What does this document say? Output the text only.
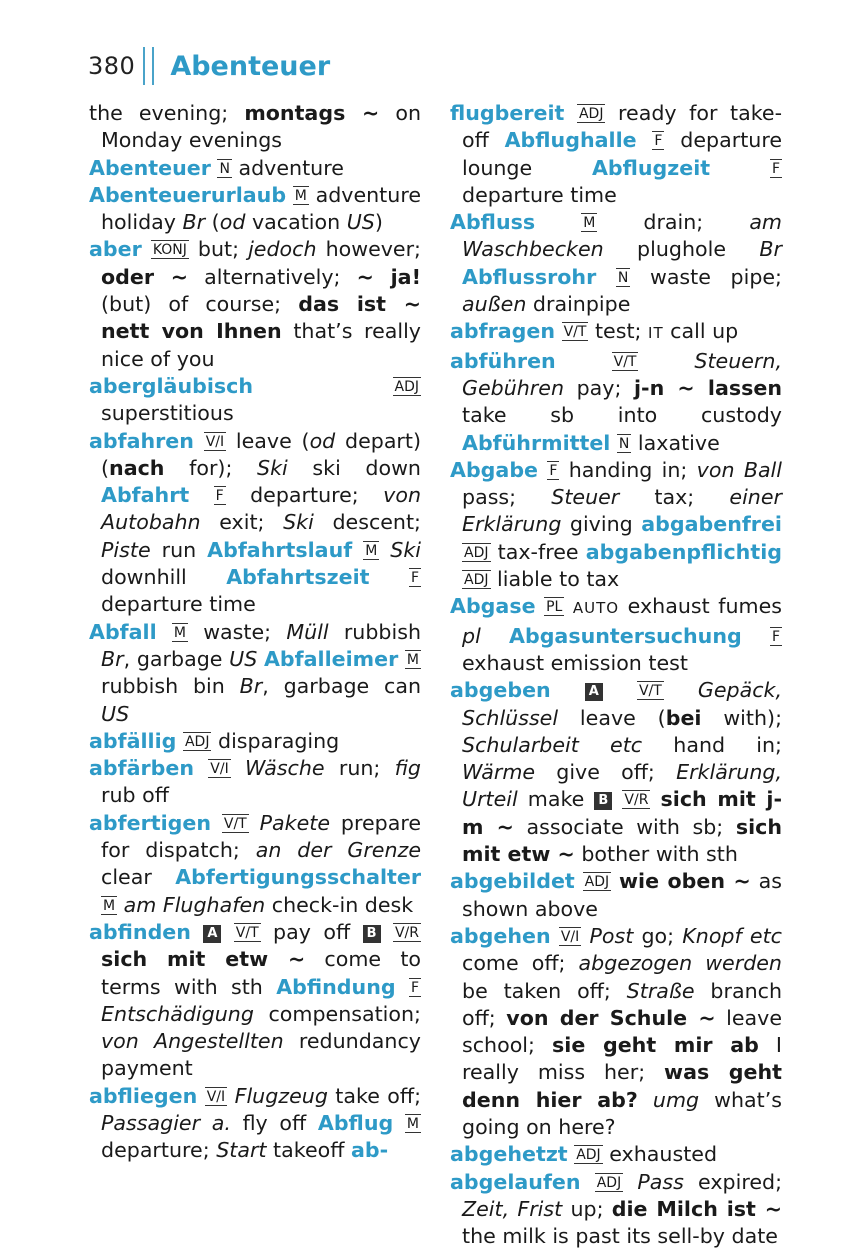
380 Abenteuer
the evening; montags ~ on Monday evenings
Abenteuer N adventure
Abenteuerurlaub M adventure holiday Br (od vacation US)
aber KONJ but; jedoch however; oder ~ alternatively; ~ ja! (but) of course; das ist ~ nett von Ihnen that’s really nice of you
abergläubisch	ADJ superstitious
abfahren V/I leave (od depart) (nach for); Ski ski down Abfahrt F departure; von Autobahn exit; Ski descent; Piste run Abfahrtslauf M Ski downhill Abfahrtszeit	F departure time
Abfall M waste; Müll rubbish Br, garbage US Abfalleimer M rubbish bin Br, garbage can US
abfällig ADJ disparaging
abfärben V/I Wäsche run; fig rub off
abfertigen V/T Pakete prepare for dispatch; an der Grenze clear Abfertigungsschalter M am Flughafen check-in desk
abfinden A V/T pay off B V/R sich mit etw ~ come to terms with sth Abfindung F Entschädigung compensation; von Angestellten redundancy payment
abfliegen V/I Flugzeug take off; Passagier a. fly off Abflug M departure; Start takeoff ab-
flugbereit ADJ ready for take-off Abflughalle F departure lounge Abflugzeit	F departure time
Abfluss	M drain; am Waschbecken plughole Br Abflussrohr N waste pipe; außen drainpipe
abfragen V/T test; IT call up
abführen	V/T	Steuern, Gebühren pay; j-n ~ lassen take sb into custody Abführmittel N laxative
Abgabe F handing in; von Ball pass; Steuer tax; einer Erklärung giving abgabenfrei ADJ tax-free abgabenpflichtig ADJ liable to tax
Abgase PL AUTO exhaust fumes pl Abgasuntersuchung F exhaust emission test
abgeben	A	V/T Gepäck, Schlüssel leave (bei with); Schularbeit etc hand in; Wärme give off; Erklärung, Urteil make B V/R sich mit j-m ~ associate with sb; sich mit etw ~ bother with sth
abgebildet ADJ wie oben ~ as shown above
abgehen V/I Post go; Knopf etc come off; abgezogen werden be taken off; Straße branch off; von der Schule ~ leave school; sie geht mir ab I really miss her; was geht denn hier ab? umg what’s going on here?
abgehetzt ADJ exhausted
abgelaufen ADJ Pass expired; Zeit, Frist up; die Milch ist ~ the milk is past its sell-by date
